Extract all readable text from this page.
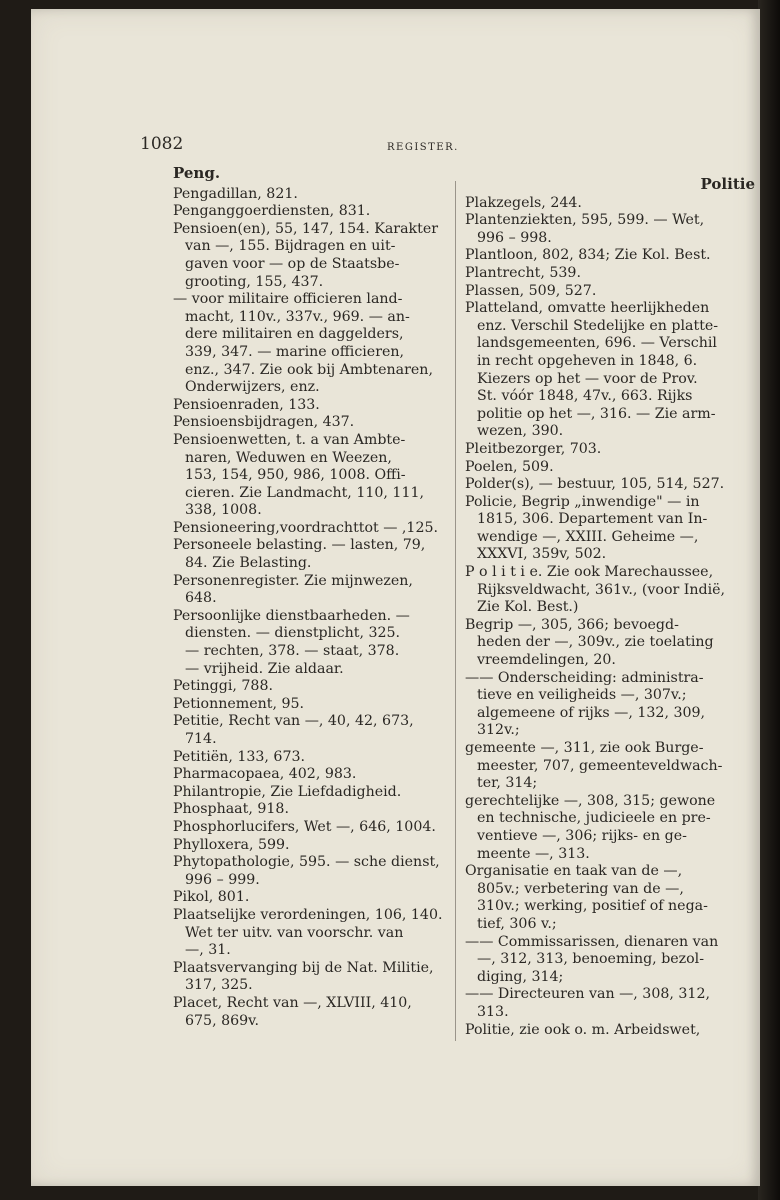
1082	REGISTER.
Peng.
Pengadillan, 821.
Penganggoerdiensten, 831.
Pensioen(en), 55, 147, 154. Karakter
van —, 155. Bijdragen en uit-
gaven voor — op de Staatsbe-
grooting, 155, 437.
— voor militaire officieren land-
macht, 110v., 337v., 969. — an-
dere militairen en daggelders,
339, 347. — marine officieren,
enz., 347. Zie ook bij Ambtenaren,
Onderwijzers, enz.
Pensioenraden, 133.
Pensioensbijdragen, 437.
Pensioenwetten, t. a van Ambte-
naren, Weduwen en Weezen,
153, 154, 950, 986, 1008. Offi-
cieren. Zie Landmacht, 110, 111,
338, 1008.
Pensioneering,voordrachttot — ,125.
Personeele belasting. — lasten, 79,
84. Zie Belasting.
Personenregister. Zie mijnwezen,
648.
Persoonlijke dienstbaarheden. —
diensten. — dienstplicht, 325.
— rechten, 378. — staat, 378.
— vrijheid. Zie aldaar.
Petinggi, 788.
Petionnement, 95.
Petitie, Recht van —, 40, 42, 673,
714.
Petitiën, 133, 673.
Pharmacopaea, 402, 983.
Philantropie, Zie Liefdadigheid.
Phosphaat, 918.
Phosphorlucifers, Wet —, 646, 1004.
Phylloxera, 599.
Phytopathologie, 595. — sche dienst,
996 – 999.
Pikol, 801.
Plaatselijke verordeningen, 106, 140.
Wet ter uitv. van voorschr. van
—, 31.
Plaatsvervanging bij de Nat. Militie,
317, 325.
Placet, Recht van —, XLVIII, 410,
675, 869v.
Politie
Plakzegels, 244.
Plantenziekten, 595, 599. — Wet,
996 – 998.
Plantloon, 802, 834; Zie Kol. Best.
Plantrecht, 539.
Plassen, 509, 527.
Platteland, omvatte heerlijkheden
enz. Verschil Stedelijke en platte-
landsgemeenten, 696. — Verschil
in recht opgeheven in 1848, 6.
Kiezers op het — voor de Prov.
St. vóór 1848, 47v., 663. Rijks
politie op het —, 316. — Zie arm-
wezen, 390.
Pleitbezorger, 703.
Poelen, 509.
Polder(s), — bestuur, 105, 514, 527.
Policie, Begrip „inwendige" — in
1815, 306. Departement van In-
wendige —, XXIII. Geheime —,
XXXVI, 359v, 502.
P o l i t i e. Zie ook Marechaussee,
Rijksveldwacht, 361v., (voor Indië,
Zie Kol. Best.)
Begrip —, 305, 366; bevoegd-
heden der —, 309v., zie toelating
vreemdelingen, 20.
—— Onderscheiding: administra-
tieve en veiligheids —, 307v.;
algemeene of rijks —, 132, 309,
312v.;
gemeente —, 311, zie ook Burge-
meester, 707, gemeenteveldwach-
ter, 314;
gerechtelijke —, 308, 315; gewone
en technische, judicieele en pre-
ventieve —, 306; rijks- en ge-
meente —, 313.
Organisatie en taak van de —,
805v.; verbetering van de —,
310v.; werking, positief of nega-
tief, 306 v.;
—— Commissarissen, dienaren van
—, 312, 313, benoeming, bezol-
diging, 314;
—— Directeuren van —, 308, 312,
313.
Politie, zie ook o. m. Arbeidswet,
